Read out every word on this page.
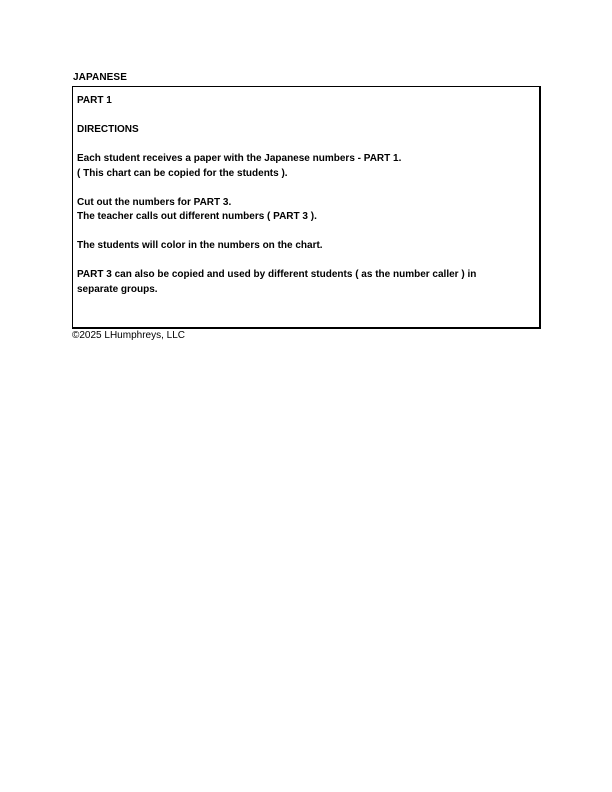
JAPANESE
PART 1
DIRECTIONS
Each student receives a paper with the Japanese numbers - PART 1.
( This chart can be copied for the students ).
Cut out the numbers for PART 3.
The teacher calls out different numbers ( PART 3 ).
The students will color in the numbers on the chart.
PART 3 can also be copied and used by different students ( as the number caller ) in
separate groups.
©2025 LHumphreys, LLC
